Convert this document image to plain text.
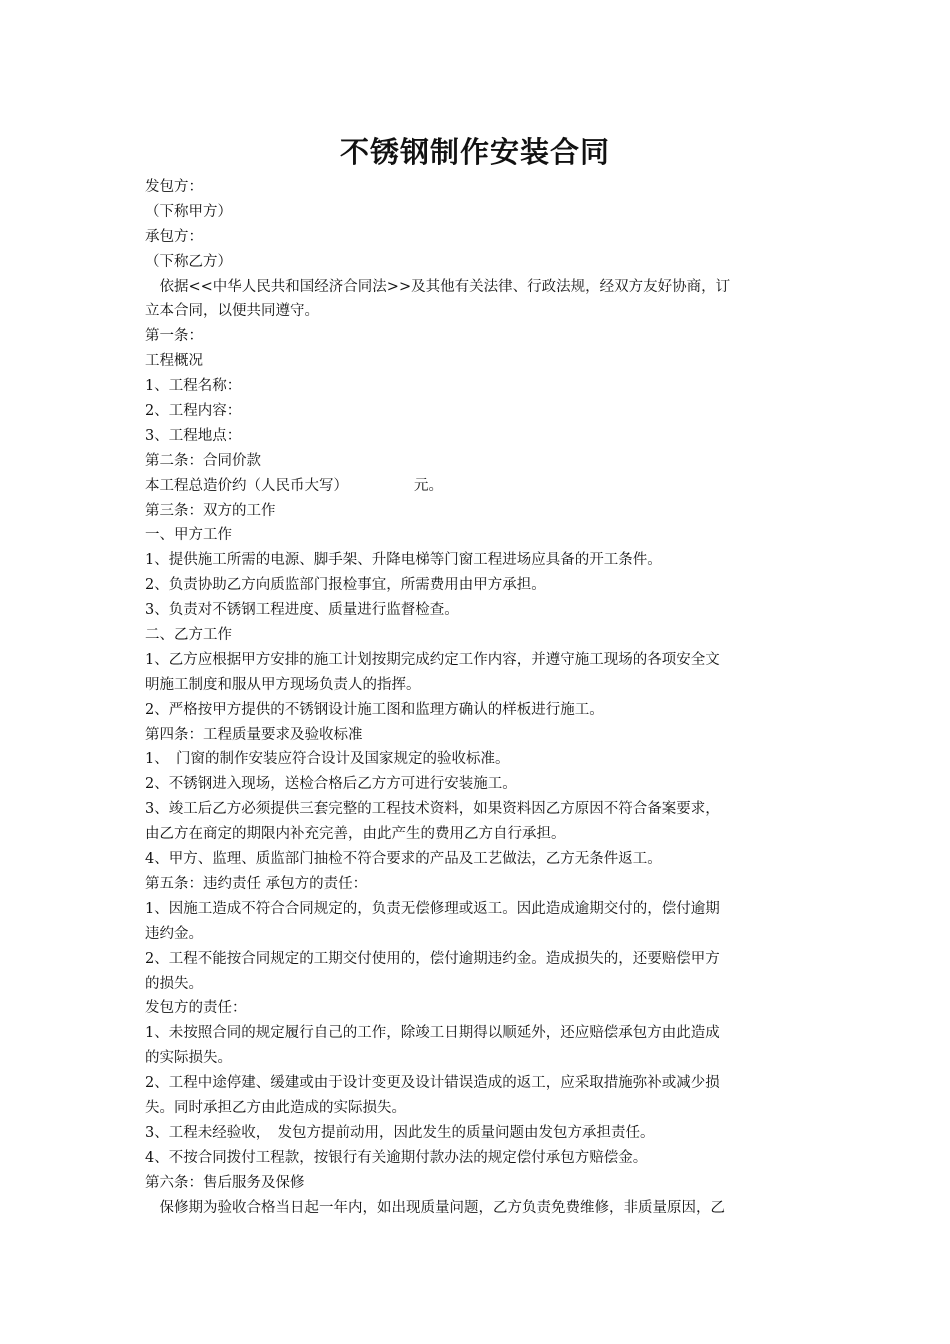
不锈钢制作安装合同
发包方：
（下称甲方）
承包方：
（下称乙方）
　依据<<中华人民共和国经济合同法>>及其他有关法律、行政法规，经双方友好协商，订
立本合同，以便共同遵守。
第一条：
工程概况
1、工程名称：
2、工程内容：
3、工程地点：
第二条：合同价款
本工程总造价约（人民币大写）	元。
第三条：双方的工作
一、甲方工作
1、提供施工所需的电源、脚手架、升降电梯等门窗工程进场应具备的开工条件。
2、负责协助乙方向质监部门报检事宜，所需费用由甲方承担。
3、负责对不锈钢工程进度、质量进行监督检查。
二、乙方工作
1、乙方应根据甲方安排的施工计划按期完成约定工作内容，并遵守施工现场的各项安全文
明施工制度和服从甲方现场负责人的指挥。
2、严格按甲方提供的不锈钢设计施工图和监理方确认的样板进行施工。
第四条：工程质量要求及验收标准
1、　门窗的制作安装应符合设计及国家规定的验收标准。
2、不锈钢进入现场，送检合格后乙方方可进行安装施工。
3、竣工后乙方必须提供三套完整的工程技术资料，如果资料因乙方原因不符合备案要求，
由乙方在商定的期限内补充完善，由此产生的费用乙方自行承担。
4、甲方、监理、质监部门抽检不符合要求的产品及工艺做法，乙方无条件返工。
第五条：违约责任 承包方的责任：
1、因施工造成不符合合同规定的，负责无偿修理或返工。因此造成逾期交付的，偿付逾期
违约金。
2、工程不能按合同规定的工期交付使用的，偿付逾期违约金。造成损失的，还要赔偿甲方
的损失。
发包方的责任：
1、未按照合同的规定履行自己的工作，除竣工日期得以顺延外，还应赔偿承包方由此造成
的实际损失。
2、工程中途停建、缓建或由于设计变更及设计错误造成的返工，应采取措施弥补或减少损
失。同时承担乙方由此造成的实际损失。
3、工程未经验收，　发包方提前动用，因此发生的质量问题由发包方承担责任。
4、不按合同拨付工程款，按银行有关逾期付款办法的规定偿付承包方赔偿金。
第六条：售后服务及保修
　保修期为验收合格当日起一年内，如出现质量问题，乙方负责免费维修，非质量原因，乙
